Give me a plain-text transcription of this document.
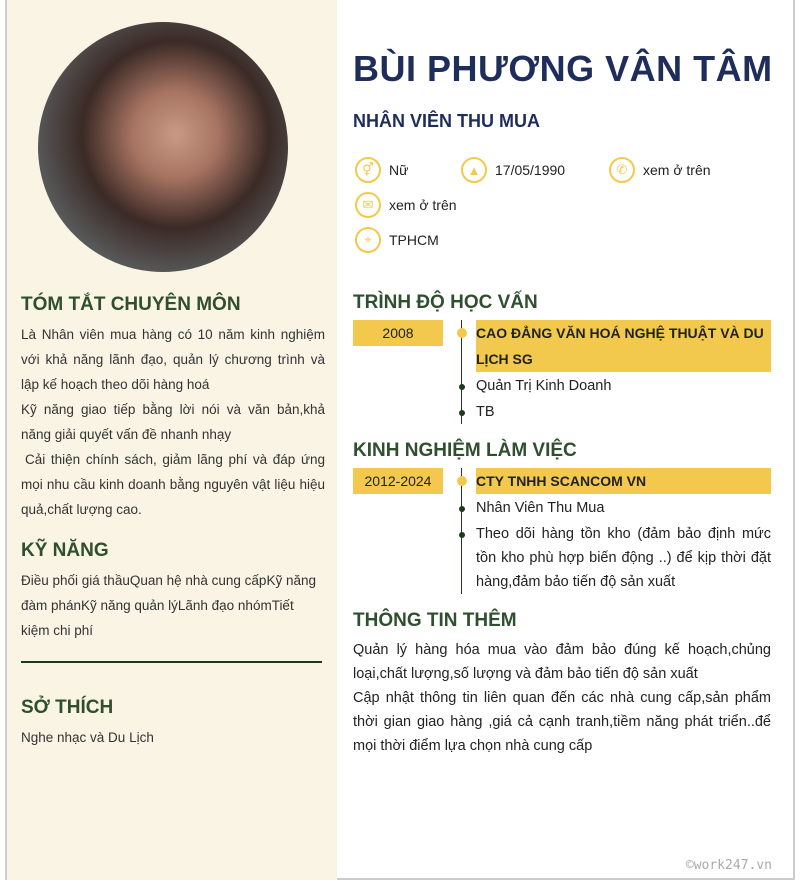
TÓM TẮT CHUYÊN MÔN
Là Nhân viên mua hàng có 10 năm kinh nghiệm với khả năng lãnh đạo, quản lý chương trình và lập kế hoạch theo dõi hàng hoá
Kỹ năng giao tiếp bằng lời nói và văn bản,khả năng giải quyết vấn đề nhanh nhạy
Cải thiện chính sách, giảm lãng phí và đáp ứng mọi nhu cầu kinh doanh bằng nguyên vật liệu hiệu quả,chất lượng cao.
KỸ NĂNG
Điều phối giá thầuQuan hệ nhà cung cấpKỹ năng đàm phánKỹ năng quản lýLãnh đạo nhómTiết kiệm chi phí
SỞ THÍCH
Nghe nhạc và Du Lịch
BÙI PHƯƠNG VÂN TÂM
NHÂN VIÊN THU MUA
⚥	Nữ	▲	17/05/1990	✆	xem ở trên
✉	xem ở trên
⌖	TPHCM
TRÌNH ĐỘ HỌC VẤN
2008	CAO ĐẲNG VĂN HOÁ NGHỆ THUẬT VÀ DU LỊCH SG
Quản Trị Kinh Doanh
TB
KINH NGHIỆM LÀM VIỆC
2012-2024	CTY TNHH SCANCOM VN
Nhân Viên Thu Mua
Theo dõi hàng tồn kho (đảm bảo định mức tồn kho phù hợp biến động ..) để kịp thời đặt hàng,đảm bảo tiến độ sản xuất
THÔNG TIN THÊM
Quản lý hàng hóa mua vào đảm bảo đúng kế hoạch,chủng loại,chất lượng,số lượng và đảm bảo tiến độ sản xuất
Cập nhật thông tin liên quan đến các nhà cung cấp,sản phẩm thời gian giao hàng ,giá cả cạnh tranh,tiềm năng phát triển..để mọi thời điểm lựa chọn nhà cung cấp
©work247.vn
